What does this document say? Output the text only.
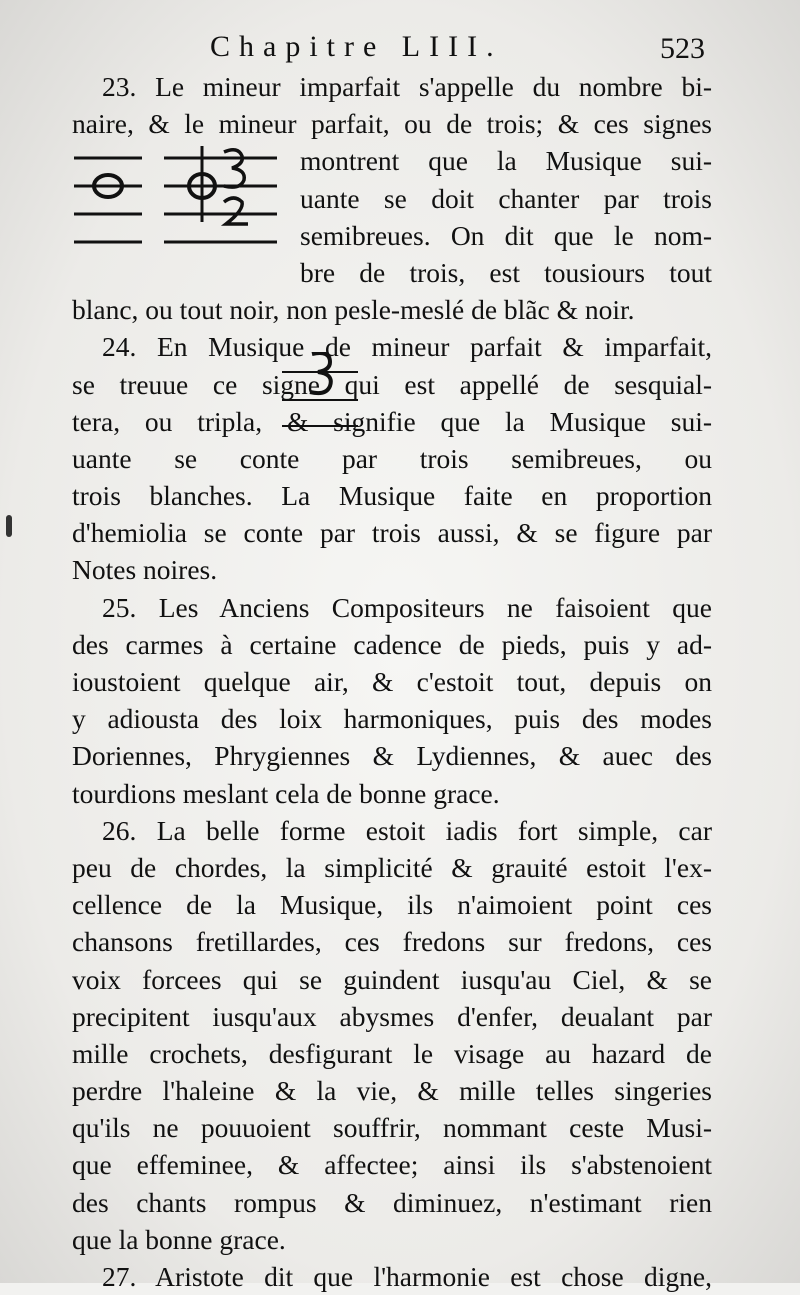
Chapitre LIII.	523
23. Le mineur imparfait s'appelle du nombre bi-
naire, & le mineur parfait, ou de trois; & ces signes
montrent que la Musique sui-
uante se doit chanter par trois
semibreues. On dit que le nom-
bre de trois, est tousiours tout
blanc, ou tout noir, non pesle-meslé de blãc & noir.
24. En Musique de mineur parfait & imparfait,
se treuue ce signe qui est appellé de sesquial-
tera, ou tripla, & signifie que la Musique sui-
uante se conte par trois semibreues, ou
trois blanches. La Musique faite en proportion
d'hemiolia se conte par trois aussi, & se figure par
Notes noires.
25. Les Anciens Compositeurs ne faisoient que
des carmes à certaine cadence de pieds, puis y ad-
ioustoient quelque air, & c'estoit tout, depuis on
y adiousta des loix harmoniques, puis des modes
Doriennes, Phrygiennes & Lydiennes, & auec des
tourdions meslant cela de bonne grace.
26. La belle forme estoit iadis fort simple, car
peu de chordes, la simplicité & grauité estoit l'ex-
cellence de la Musique, ils n'aimoient point ces
chansons fretillardes, ces fredons sur fredons, ces
voix forcees qui se guindent iusqu'au Ciel, & se
precipitent iusqu'aux abysmes d'enfer, deualant par
mille crochets, desfigurant le visage au hazard de
perdre l'haleine & la vie, & mille telles singeries
qu'ils ne pouuoient souffrir, nommant ceste Musi-
que effeminee, & affectee; ainsi ils s'abstenoient
des chants rompus & diminuez, n'estimant rien
que la bonne grace.
27. Aristote dit que l'harmonie est chose digne,
